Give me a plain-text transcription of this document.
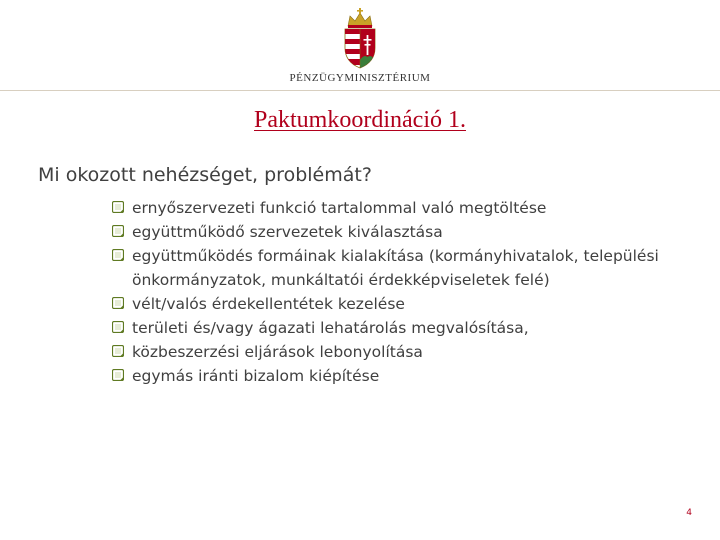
PÉNZÜGYMINISZTÉRIUM
Paktumkoordináció 1.
Mi okozott nehézséget, problémát?
ernyőszervezeti funkció tartalommal való megtöltése
együttműködő szervezetek kiválasztása
együttműködés formáinak kialakítása (kormányhivatalok, települési önkormányzatok, munkáltatói érdekképviseletek felé)
vélt/valós érdekellentétek kezelése
területi és/vagy ágazati lehatárolás megvalósítása,
közbeszerzési eljárások lebonyolítása
egymás iránti bizalom kiépítése
4
